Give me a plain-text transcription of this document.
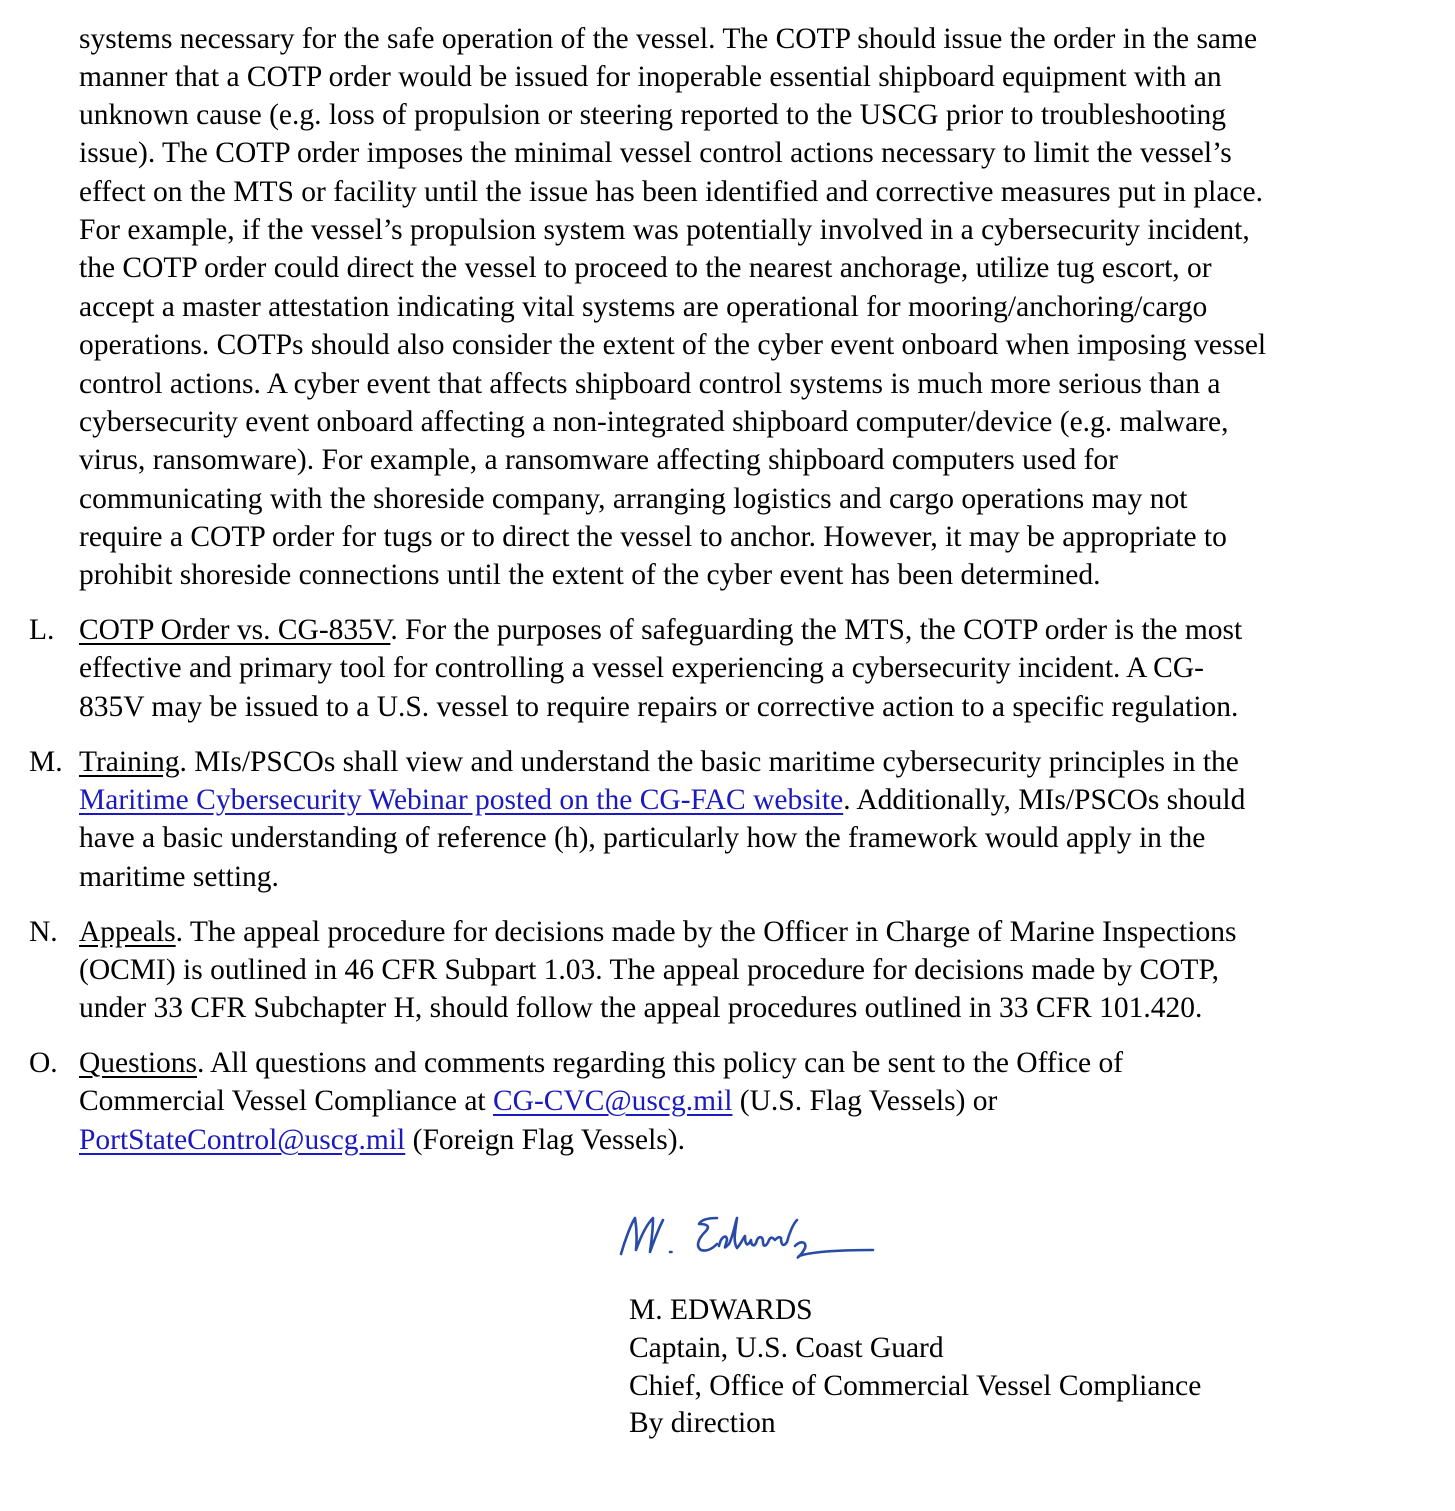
systems necessary for the safe operation of the vessel. The COTP should issue the order in the same
manner that a COTP order would be issued for inoperable essential shipboard equipment with an
unknown cause (e.g. loss of propulsion or steering reported to the USCG prior to troubleshooting
issue). The COTP order imposes the minimal vessel control actions necessary to limit the vessel’s
effect on the MTS or facility until the issue has been identified and corrective measures put in place.
For example, if the vessel’s propulsion system was potentially involved in a cybersecurity incident,
the COTP order could direct the vessel to proceed to the nearest anchorage, utilize tug escort, or
accept a master attestation indicating vital systems are operational for mooring/anchoring/cargo
operations. COTPs should also consider the extent of the cyber event onboard when imposing vessel
control actions. A cyber event that affects shipboard control systems is much more serious than a
cybersecurity event onboard affecting a non-integrated shipboard computer/device (e.g. malware,
virus, ransomware). For example, a ransomware affecting shipboard computers used for
communicating with the shoreside company, arranging logistics and cargo operations may not
require a COTP order for tugs or to direct the vessel to anchor. However, it may be appropriate to
prohibit shoreside connections until the extent of the cyber event has been determined.
L. COTP Order vs. CG-835V. For the purposes of safeguarding the MTS, the COTP order is the most
effective and primary tool for controlling a vessel experiencing a cybersecurity incident. A CG-
835V may be issued to a U.S. vessel to require repairs or corrective action to a specific regulation.
M. Training. MIs/PSCOs shall view and understand the basic maritime cybersecurity principles in the
Maritime Cybersecurity Webinar posted on the CG-FAC website. Additionally, MIs/PSCOs should
have a basic understanding of reference (h), particularly how the framework would apply in the
maritime setting.
N. Appeals. The appeal procedure for decisions made by the Officer in Charge of Marine Inspections
(OCMI) is outlined in 46 CFR Subpart 1.03. The appeal procedure for decisions made by COTP,
under 33 CFR Subchapter H, should follow the appeal procedures outlined in 33 CFR 101.420.
O. Questions. All questions and comments regarding this policy can be sent to the Office of
Commercial Vessel Compliance at CG-CVC@uscg.mil (U.S. Flag Vessels) or
PortStateControl@uscg.mil (Foreign Flag Vessels).
M. EDWARDS
Captain, U.S. Coast Guard
Chief, Office of Commercial Vessel Compliance
By direction
